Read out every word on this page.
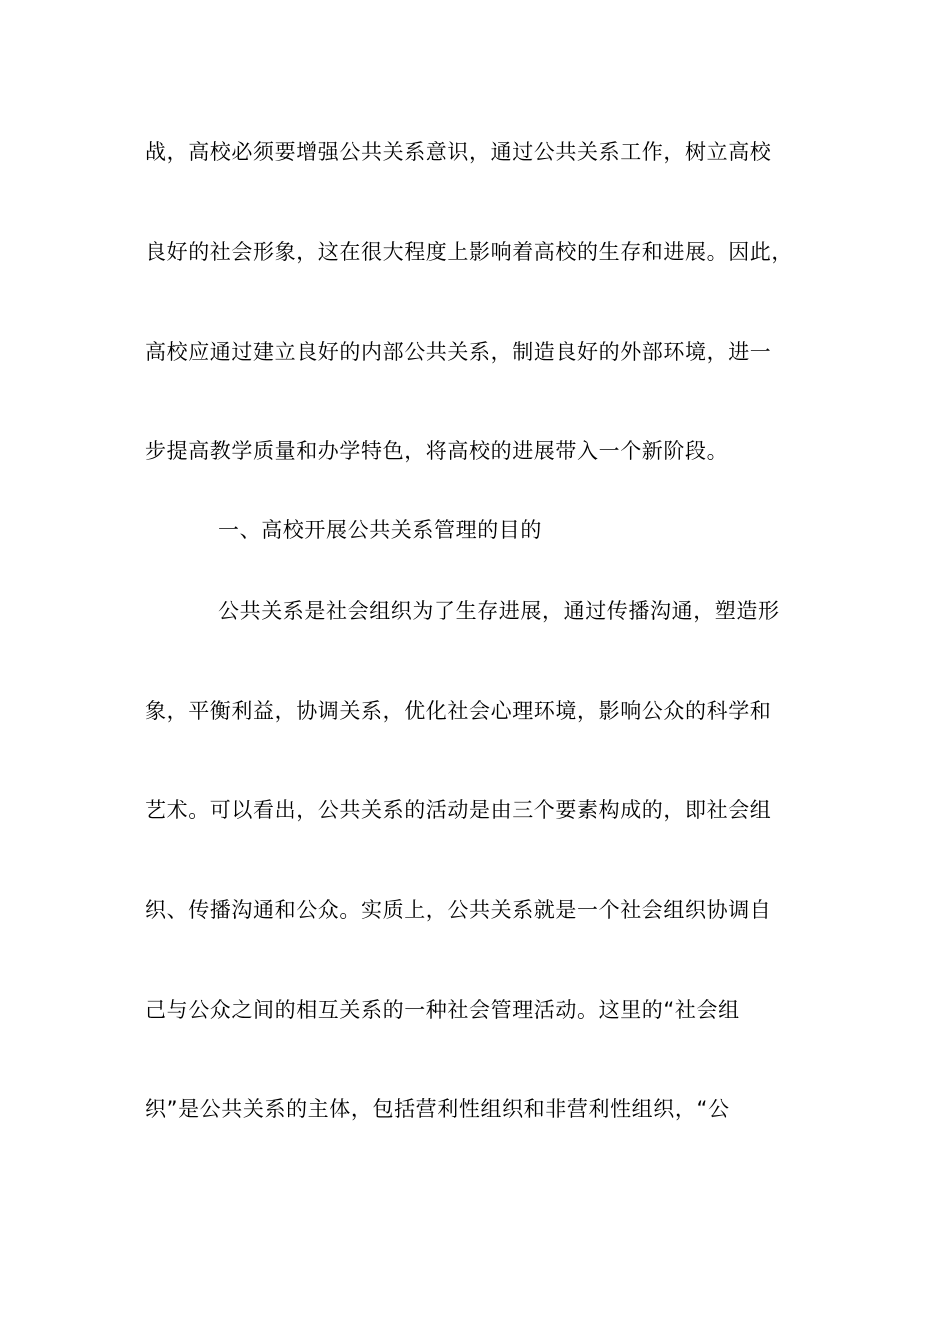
战，高校必须要增强公共关系意识，通过公共关系工作，树立高校
良好的社会形象，这在很大程度上影响着高校的生存和进展。因此，
高校应通过建立良好的内部公共关系，制造良好的外部环境，进一
步提高教学质量和办学特色，将高校的进展带入一个新阶段。
一、高校开展公共关系管理的目的
公共关系是社会组织为了生存进展，通过传播沟通，塑造形
象，平衡利益，协调关系，优化社会心理环境，影响公众的科学和
艺术。可以看出，公共关系的活动是由三个要素构成的，即社会组
织、传播沟通和公众。实质上，公共关系就是一个社会组织协调自
己与公众之间的相互关系的一种社会管理活动。这里的“社会组
织”是公共关系的主体，包括营利性组织和非营利性组织，“公
